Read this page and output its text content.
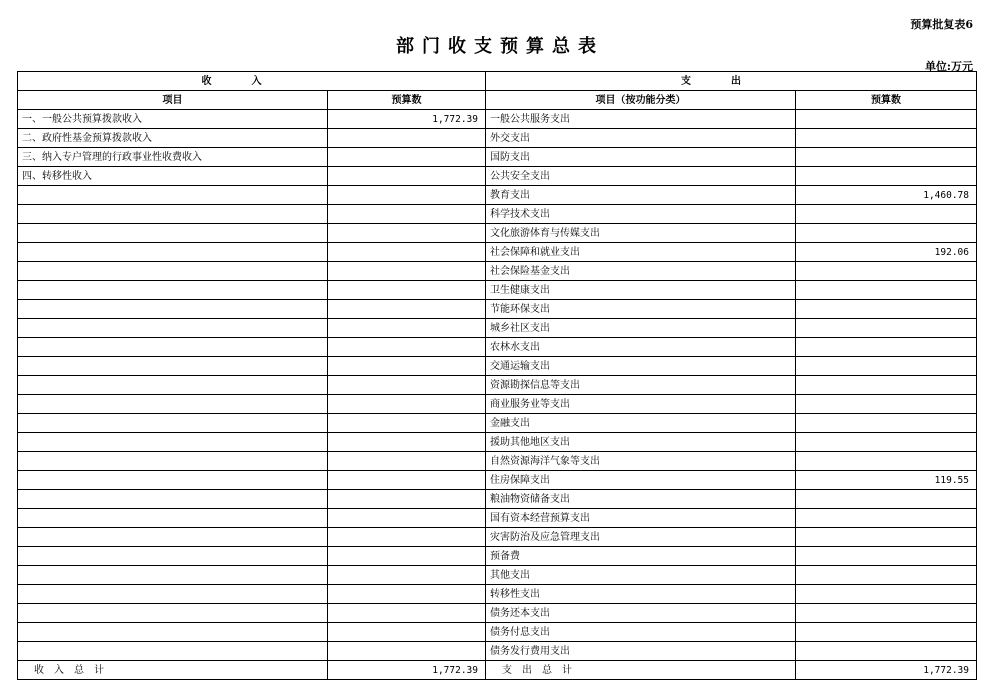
预算批复表6
部门收支预算总表
单位:万元
收入		支出	
项目	预算数	项目（按功能分类）	预算数
一、一般公共预算拨款收入	1,772.39	一般公共服务支出	
二、政府性基金预算拨款收入		外交支出	
三、纳入专户管理的行政事业性收费收入		国防支出	
四、转移性收入		公共安全支出	
		教育支出	1,460.78
		科学技术支出	
		文化旅游体育与传媒支出	
		社会保障和就业支出	192.06
		社会保险基金支出	
		卫生健康支出	
		节能环保支出	
		城乡社区支出	
		农林水支出	
		交通运输支出	
		资源勘探信息等支出	
		商业服务业等支出	
		金融支出	
		援助其他地区支出	
		自然资源海洋气象等支出	
		住房保障支出	119.55
		粮油物资储备支出	
		国有资本经营预算支出	
		灾害防治及应急管理支出	
		预备费	
		其他支出	
		转移性支出	
		债务还本支出	
		债务付息支出	
		债务发行费用支出	
收入总计	1,772.39	支出总计	1,772.39
